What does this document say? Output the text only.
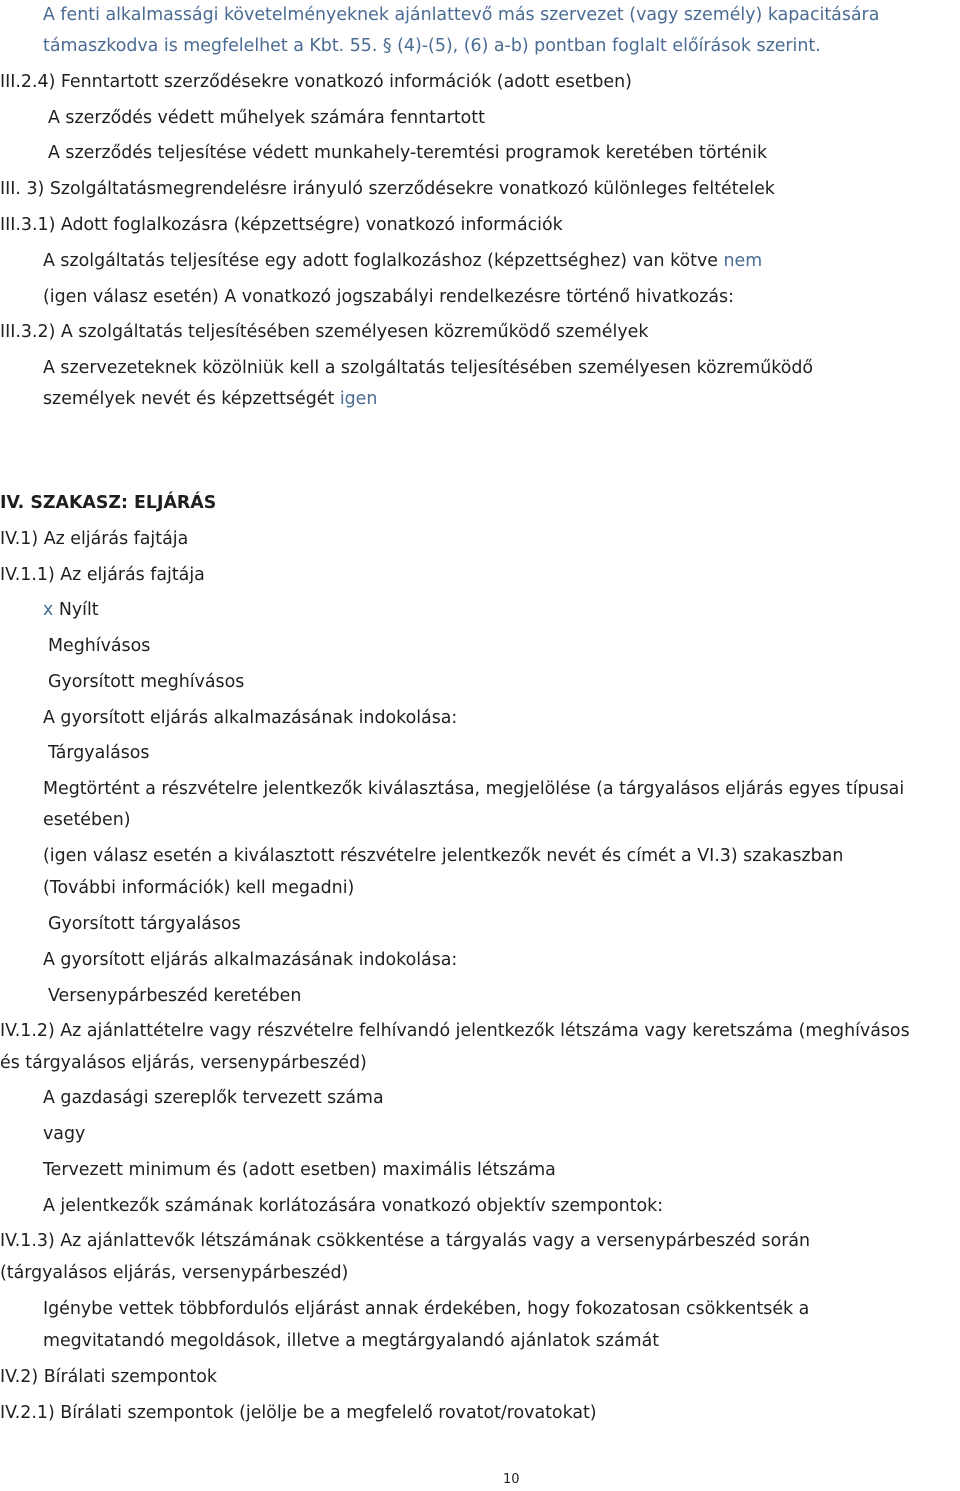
A fenti alkalmassági követelményeknek ajánlattevő más szervezet (vagy személy) kapacitására
támaszkodva is megfelelhet a Kbt. 55. § (4)-(5), (6) a-b) pontban foglalt előírások szerint.
III.2.4) Fenntartott szerződésekre vonatkozó információk (adott esetben)
A szerződés védett műhelyek számára fenntartott
A szerződés teljesítése védett munkahely-teremtési programok keretében történik
III. 3) Szolgáltatásmegrendelésre irányuló szerződésekre vonatkozó különleges feltételek
III.3.1) Adott foglalkozásra (képzettségre) vonatkozó információk
A szolgáltatás teljesítése egy adott foglalkozáshoz (képzettséghez) van kötve nem
(igen válasz esetén) A vonatkozó jogszabályi rendelkezésre történő hivatkozás:
III.3.2) A szolgáltatás teljesítésében személyesen közreműködő személyek
A szervezeteknek közölniük kell a szolgáltatás teljesítésében személyesen közreműködő
személyek nevét és képzettségét igen
IV. SZAKASZ: ELJÁRÁS
IV.1) Az eljárás fajtája
IV.1.1) Az eljárás fajtája
x Nyílt
Meghívásos
Gyorsított meghívásos
A gyorsított eljárás alkalmazásának indokolása:
Tárgyalásos
Megtörtént a részvételre jelentkezők kiválasztása, megjelölése (a tárgyalásos eljárás egyes típusai
esetében)
(igen válasz esetén a kiválasztott részvételre jelentkezők nevét és címét a VI.3) szakaszban
(További információk) kell megadni)
Gyorsított tárgyalásos
A gyorsított eljárás alkalmazásának indokolása:
Versenypárbeszéd keretében
IV.1.2) Az ajánlattételre vagy részvételre felhívandó jelentkezők létszáma vagy keretszáma (meghívásos
és tárgyalásos eljárás, versenypárbeszéd)
A gazdasági szereplők tervezett száma
vagy
Tervezett minimum és (adott esetben) maximális létszáma
A jelentkezők számának korlátozására vonatkozó objektív szempontok:
IV.1.3) Az ajánlattevők létszámának csökkentése a tárgyalás vagy a versenypárbeszéd során
(tárgyalásos eljárás, versenypárbeszéd)
Igénybe vettek többfordulós eljárást annak érdekében, hogy fokozatosan csökkentsék a
megvitatandó megoldások, illetve a megtárgyalandó ajánlatok számát
IV.2) Bírálati szempontok
IV.2.1) Bírálati szempontok (jelölje be a megfelelő rovatot/rovatokat)
10
